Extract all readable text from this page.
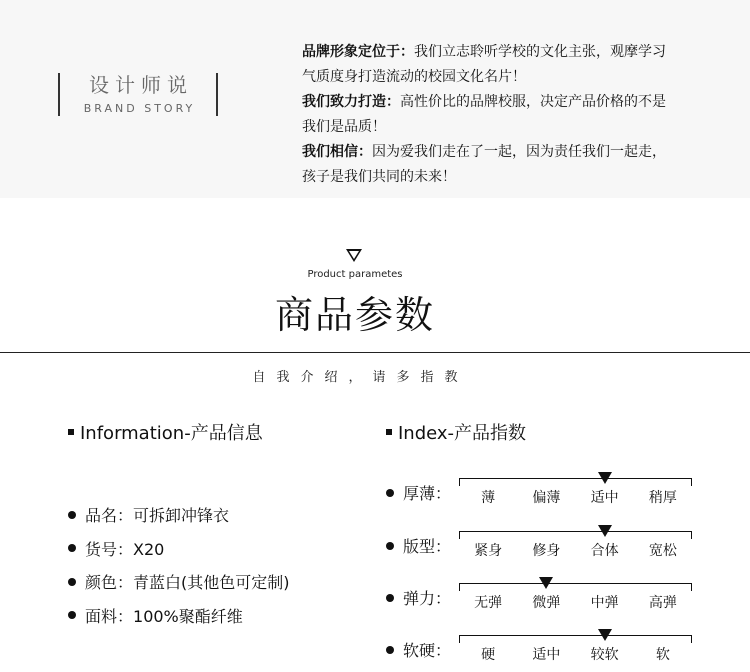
设计师说
BRAND STORY

品牌形象定位于：我们立志聆听学校的文化主张，观摩学习气质度身打造流动的校园文化名片！

我们致力打造：高性价比的品牌校服，决定产品价格的不是我们是品质！

我们相信：因为爱我们走在了一起，因为责任我们一起走，孩子是我们共同的未来！

Product parametes
商品参数
自我介绍，请多指教
Information-产品信息
品名：可拆卸冲锋衣
货号：X20
颜色：青蓝白(其他色可定制)
面料：100%聚酯纤维
Index-产品指数
厚薄：	薄	偏薄	适中	稍厚
版型：	紧身	修身	合体	宽松
弹力：	无弹	微弹	中弹	高弹
软硬：	硬	适中	较软	软
